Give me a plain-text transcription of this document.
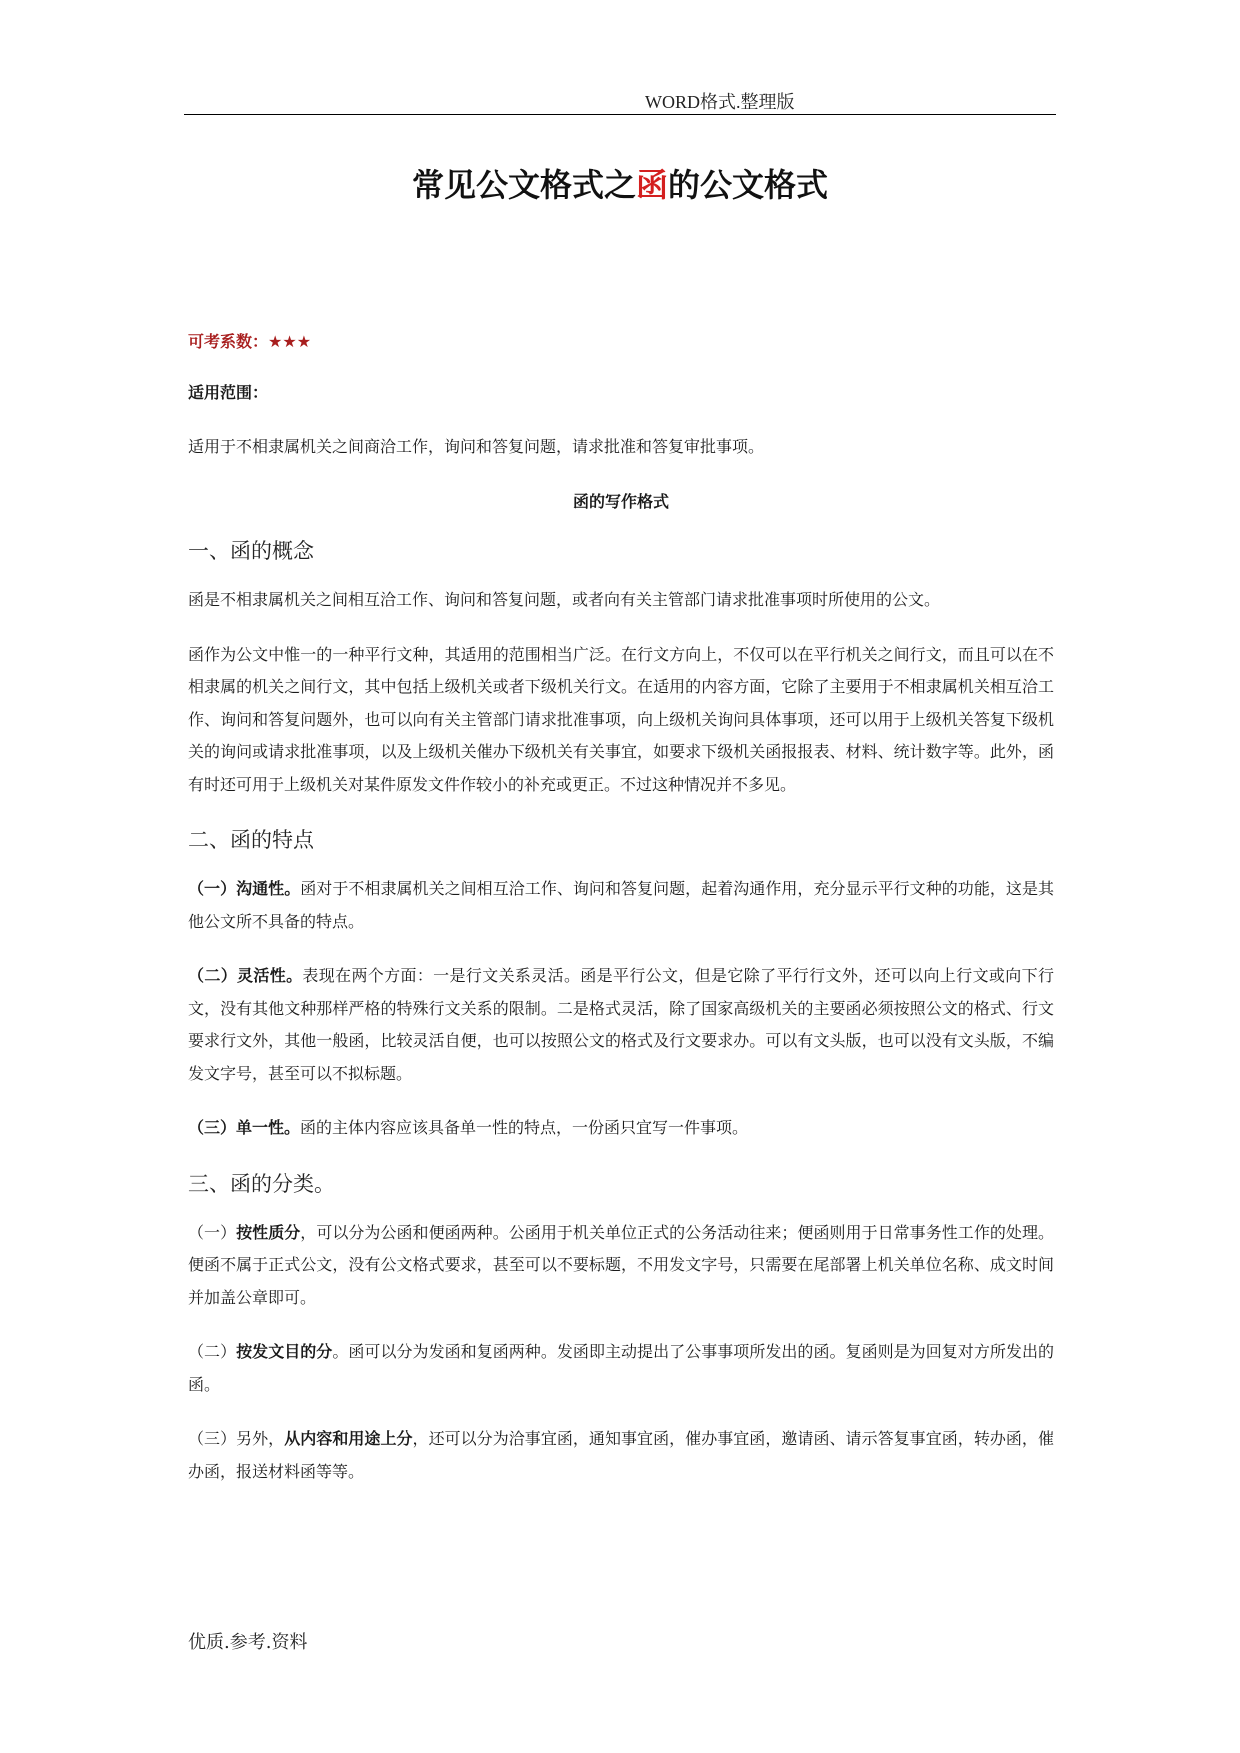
WORD格式.整理版
常见公文格式之函的公文格式

可考系数：★★★

适用范围：

适用于不相隶属机关之间商洽工作，询问和答复问题，请求批准和答复审批事项。

函的写作格式

一、函的概念

函是不相隶属机关之间相互洽工作、询问和答复问题，或者向有关主管部门请求批准事项时所使用的公文。

函作为公文中惟一的一种平行文种，其适用的范围相当广泛。在行文方向上，不仅可以在平行机关之间行文，而且可以在不相隶属的机关之间行文，其中包括上级机关或者下级机关行文。在适用的内容方面，它除了主要用于不相隶属机关相互洽工作、询问和答复问题外，也可以向有关主管部门请求批准事项，向上级机关询问具体事项，还可以用于上级机关答复下级机关的询问或请求批准事项，以及上级机关催办下级机关有关事宜，如要求下级机关函报报表、材料、统计数字等。此外，函有时还可用于上级机关对某件原发文件作较小的补充或更正。不过这种情况并不多见。

二、函的特点

（一）沟通性。函对于不相隶属机关之间相互洽工作、询问和答复问题，起着沟通作用，充分显示平行文种的功能，这是其他公文所不具备的特点。

（二）灵活性。表现在两个方面：一是行文关系灵活。函是平行公文，但是它除了平行行文外，还可以向上行文或向下行文，没有其他文种那样严格的特殊行文关系的限制。二是格式灵活，除了国家高级机关的主要函必须按照公文的格式、行文要求行文外，其他一般函，比较灵活自便，也可以按照公文的格式及行文要求办。可以有文头版，也可以没有文头版，不编发文字号，甚至可以不拟标题。

（三）单一性。函的主体内容应该具备单一性的特点，一份函只宜写一件事项。

三、函的分类。

（一）按性质分，可以分为公函和便函两种。公函用于机关单位正式的公务活动往来；便函则用于日常事务性工作的处理。便函不属于正式公文，没有公文格式要求，甚至可以不要标题，不用发文字号，只需要在尾部署上机关单位名称、成文时间并加盖公章即可。

（二）按发文目的分。函可以分为发函和复函两种。发函即主动提出了公事事项所发出的函。复函则是为回复对方所发出的函。

（三）另外，从内容和用途上分，还可以分为洽事宜函，通知事宜函，催办事宜函，邀请函、请示答复事宜函，转办函，催办函，报送材料函等等。

优质.参考.资料
